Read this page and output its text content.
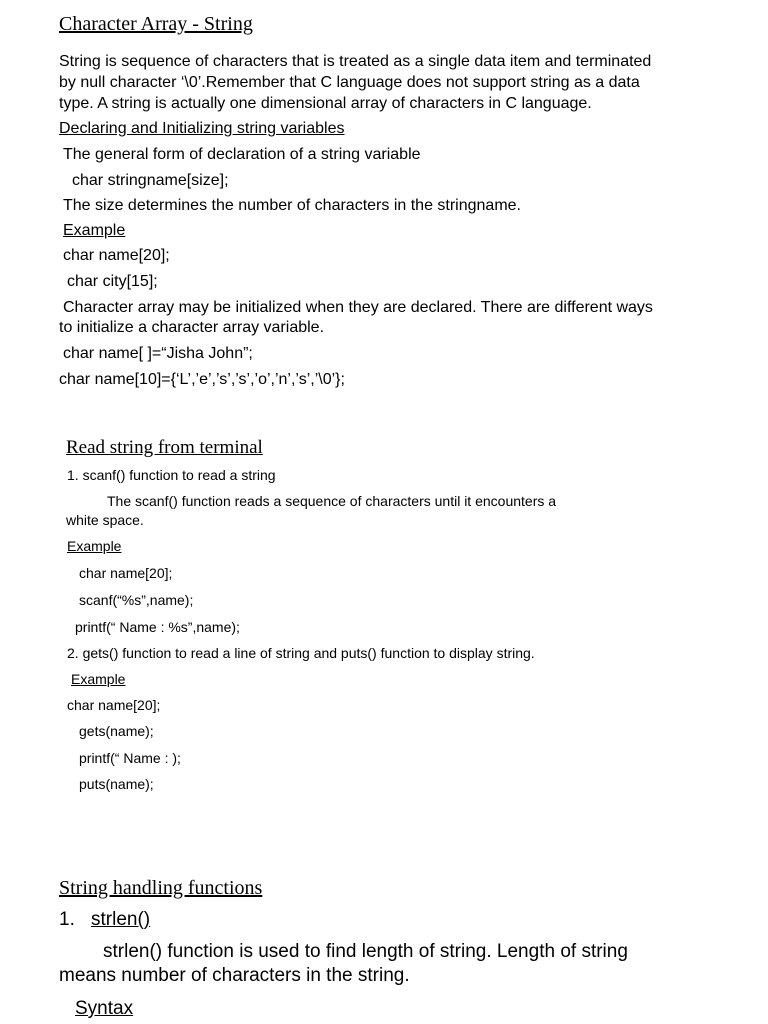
Character Array - String
String is sequence of characters that is treated as a single data item and terminated
by null character ‘\0’.Remember that C language does not support string as a data
type. A string is actually one dimensional array of characters in C language.
Declaring and Initializing string variables
The general form of declaration of a string variable
char stringname[size];
The size determines the number of characters in the stringname.
Example
char name[20];
char city[15];
Character array may be initialized when they are declared. There are different ways
to initialize a character array variable.
char name[ ]=“Jisha John”;
char name[10]={‘L’,’e’,’s’,’s’,’o’,’n’,’s’,’\0’};
Read string from terminal
1. scanf() function to read a string
The scanf() function reads a sequence of characters until it encounters a
white space.
Example
char name[20];
scanf(“%s”,name);
printf(“ Name : %s”,name);
2. gets() function to read a line of string and puts() function to display string.
Example
char name[20];
gets(name);
printf(“ Name : );
puts(name);
String handling functions
1. strlen()
strlen() function is used to find length of string. Length of string
means number of characters in the string.
Syntax
